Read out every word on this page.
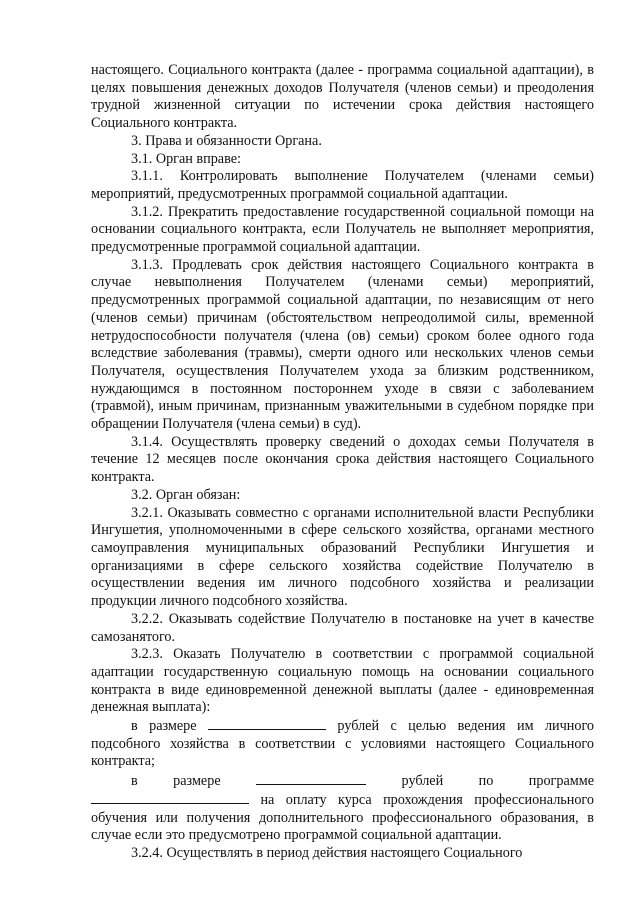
настоящего. Социального контракта (далее - программа социальной адаптации), в целях повышения денежных доходов Получателя (членов семьи) и преодоления трудной жизненной ситуации по истечении срока действия настоящего Социального контракта.

3. Права и обязанности Органа.

3.1. Орган вправе:

3.1.1. Контролировать выполнение Получателем (членами семьи) мероприятий, предусмотренных программой социальной адаптации.

3.1.2. Прекратить предоставление государственной социальной помощи на основании социального контракта, если Получатель не выполняет мероприятия, предусмотренные программой социальной адаптации.

3.1.3. Продлевать срок действия настоящего Социального контракта в случае невыполнения Получателем (членами семьи) мероприятий, предусмотренных программой социальной адаптации, по независящим от него (членов семьи) причинам (обстоятельством непреодолимой силы, временной нетрудоспособности получателя (члена (ов) семьи) сроком более одного года вследствие заболевания (травмы), смерти одного или нескольких членов семьи Получателя, осуществления Получателем ухода за близким родственником, нуждающимся в постоянном постороннем уходе в связи с заболеванием (травмой), иным причинам, признанным уважительными в судебном порядке при обращении Получателя (члена семьи) в суд).

3.1.4. Осуществлять проверку сведений о доходах семьи Получателя в течение 12 месяцев после окончания срока действия настоящего Социального контракта.

3.2. Орган обязан:

3.2.1. Оказывать совместно с органами исполнительной власти Республики Ингушетия, уполномоченными в сфере сельского хозяйства, органами местного самоуправления муниципальных образований Республики Ингушетия и организациями в сфере сельского хозяйства содействие Получателю в осуществлении ведения им личного подсобного хозяйства и реализации продукции личного подсобного хозяйства.

3.2.2. Оказывать содействие Получателю в постановке на учет в качестве самозанятого.

3.2.3. Оказать Получателю в соответствии с программой социальной адаптации государственную социальную помощь на основании социального контракта в виде единовременной денежной выплаты (далее - единовременная денежная выплата):

в размере	рублей с целью ведения им личного подсобного хозяйства в соответствии с условиями настоящего Социального контракта;

в размере	рублей по программе

на оплату курса прохождения профессионального обучения или получения дополнительного профессионального образования, в случае если это предусмотрено программой социальной адаптации.

3.2.4. Осуществлять в период действия настоящего Социального
